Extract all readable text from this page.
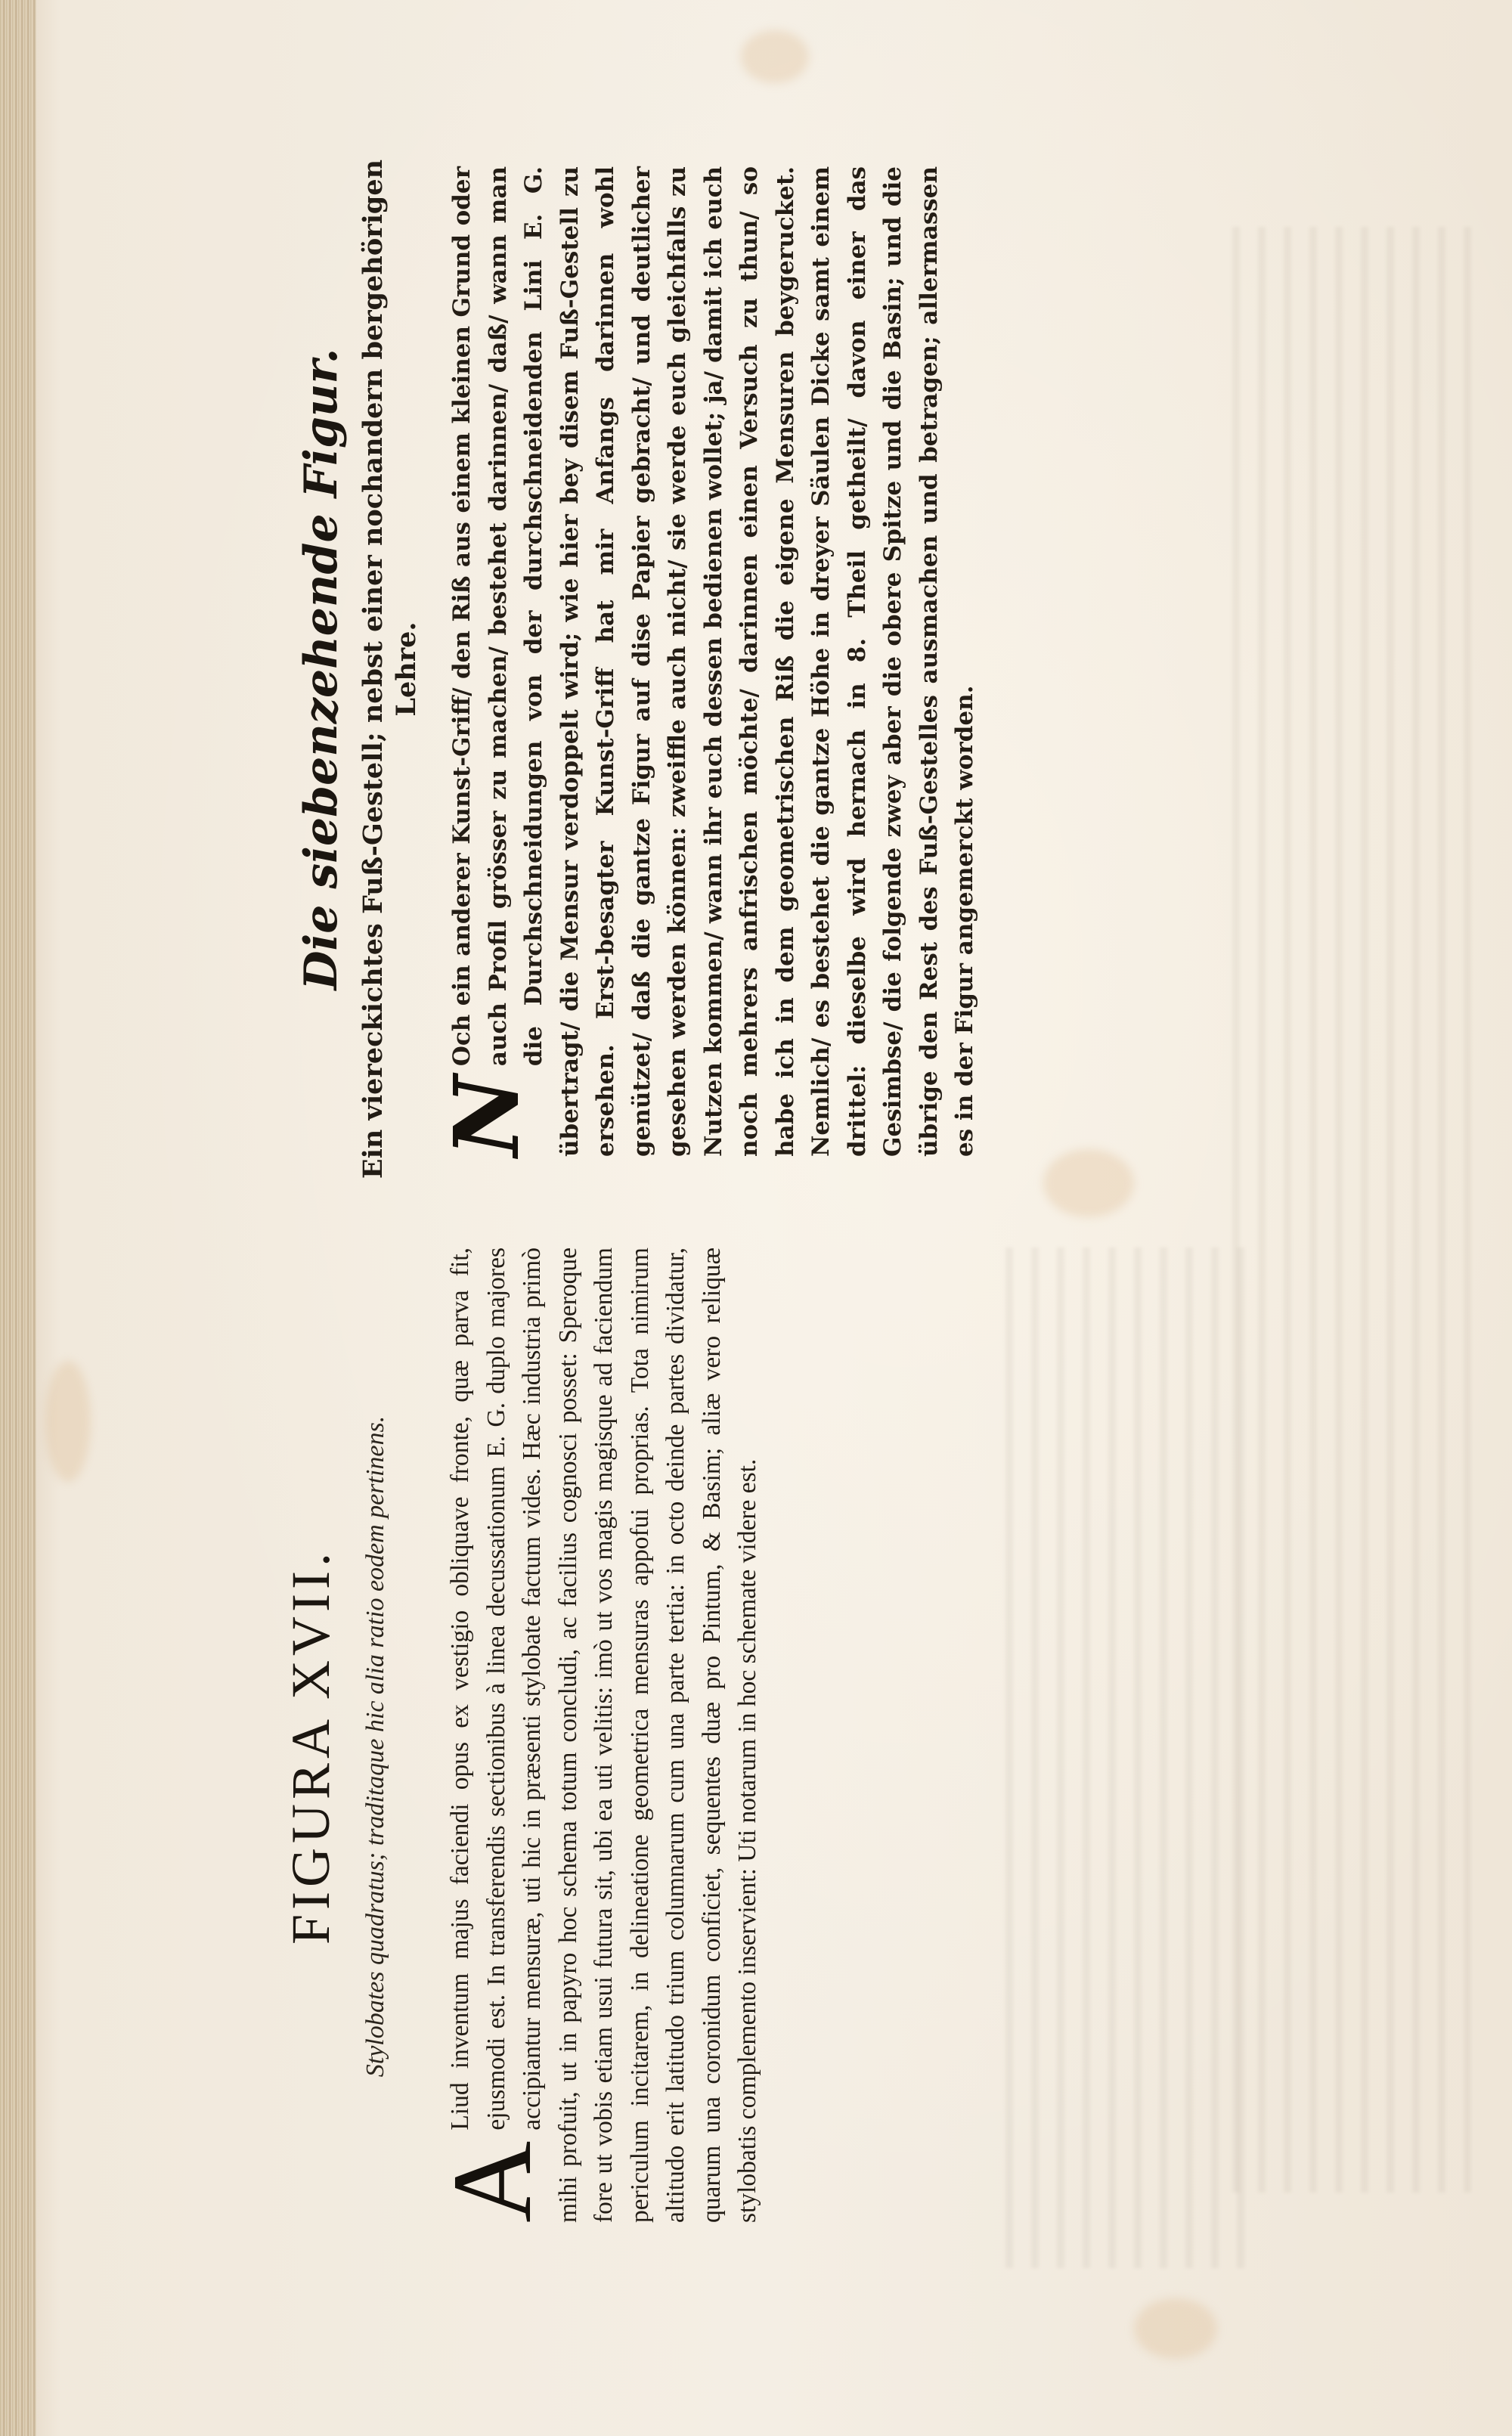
FIGURA XVII. Stylobates quadratus; traditaque hic alia ratio eodem pertinens.
A
Liud inventum majus faciendi opus ex vestigio obliquave fronte, quæ parva fit, ejusmodi est. In transferendis sectionibus à linea decussationum E. G. duplo majores accipiantur mensuræ, uti hic in præsenti stylobate factum vides. Hæc industria primò mihi profuit, ut in papyro hoc schema totum concludi, ac facilius cognosci posset: Speroque fore ut vobis etiam usui futura sit, ubi ea uti velitis: imò ut vos magis magisque ad faciendum periculum incitarem, in delineatione geometrica mensuras appofui proprias. Tota nimirum altitudo erit latitudo trium columnarum cum una parte tertia: in octo deinde partes dividatur, quarum una coronidum conficiet, sequentes duæ pro Pintum, & Basim; aliæ vero reliquæ stylobatis complemento inservient: Uti notarum in hoc schemate videre est.
Die siebenzehende Figur. Ein viereckichtes Fuß-Gestell; nebst einer nochandern bergehörigen Lehre.
N
Och ein anderer Kunst-Griff/ den Riß aus einem kleinen Grund oder auch Profil grösser zu machen/ bestehet darinnen/ daß/ wann man die Durchschneidungen von der durchschneidenden Lini E. G. übertragt/ die Mensur verdoppelt wird; wie hier bey disem Fuß-Gestell zu ersehen. Erst-besagter Kunst-Griff hat mir Anfangs darinnen wohl genützet/ daß die gantze Figur auf dise Papier gebracht/ und deutlicher gesehen werden können: zweiffle auch nicht/ sie werde euch gleichfalls zu Nutzen kommen/ wann ihr euch dessen bedienen wollet; ja/ damit ich euch noch mehrers anfrischen möchte/ darinnen einen Versuch zu thun/ so habe ich in dem geometrischen Riß die eigene Mensuren beygerucket. Nemlich/ es bestehet die gantze Höhe in dreyer Säulen Dicke samt einem drittel: dieselbe wird hernach in 8. Theil getheilt/ davon einer das Gesimbse/ die folgende zwey aber die obere Spitze und die Basin; und die übrige den Rest des Fuß-Gestelles ausmachen und betragen; allermassen es in der Figur angemerckt worden.
